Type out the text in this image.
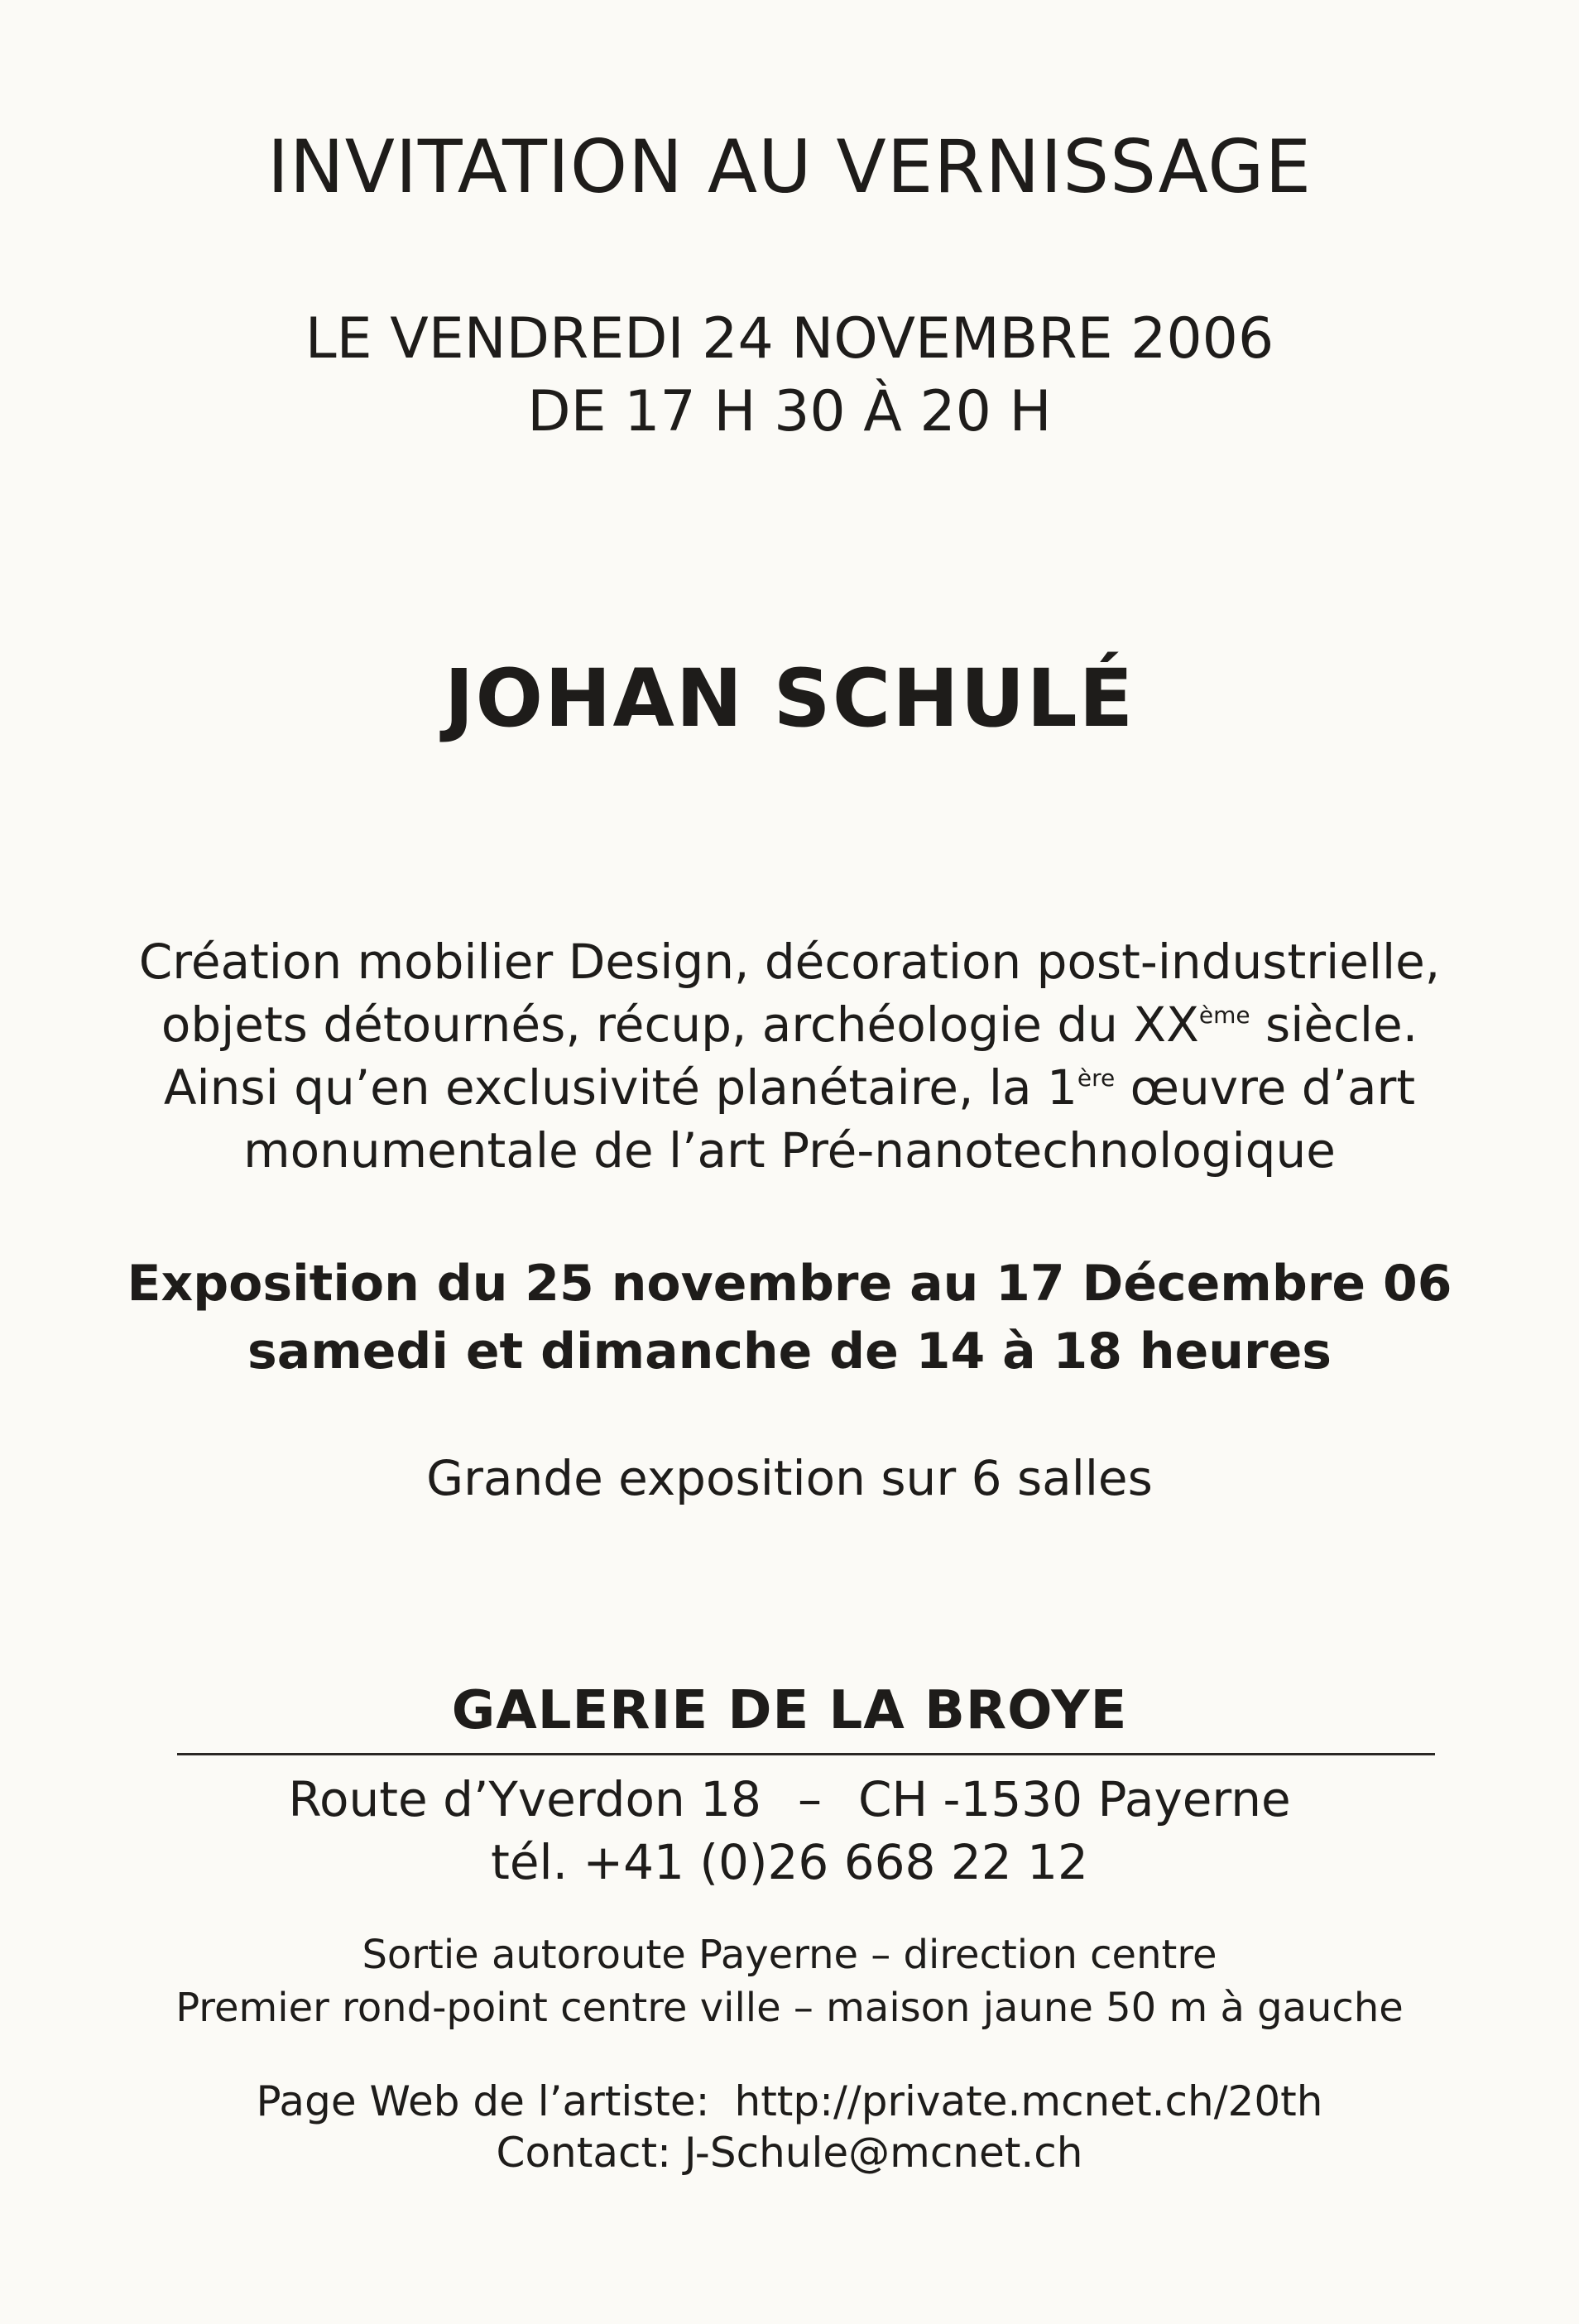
INVITATION AU VERNISSAGE

LE VENDREDI 24 NOVEMBRE 2006

DE 17 H 30 À 20 H

JOHAN SCHULÉ

Création mobilier Design, décoration post-industrielle,

objets détournés, récup, archéologie du XXème siècle.

Ainsi qu’en exclusivité planétaire, la 1ère œuvre d’art

monumentale de l’art Pré-nanotechnologique

Exposition du 25 novembre au 17 Décembre 06

samedi et dimanche de 14 à 18 heures

Grande exposition sur 6 salles

GALERIE DE LA BROYE

Route d’Yverdon 18 – CH -1530 Payerne

tél. +41 (0)26 668 22 12

Sortie autoroute Payerne – direction centre

Premier rond-point centre ville – maison jaune 50 m à gauche

Page Web de l’artiste: http://private.mcnet.ch/20th

Contact: J-Schule@mcnet.ch
